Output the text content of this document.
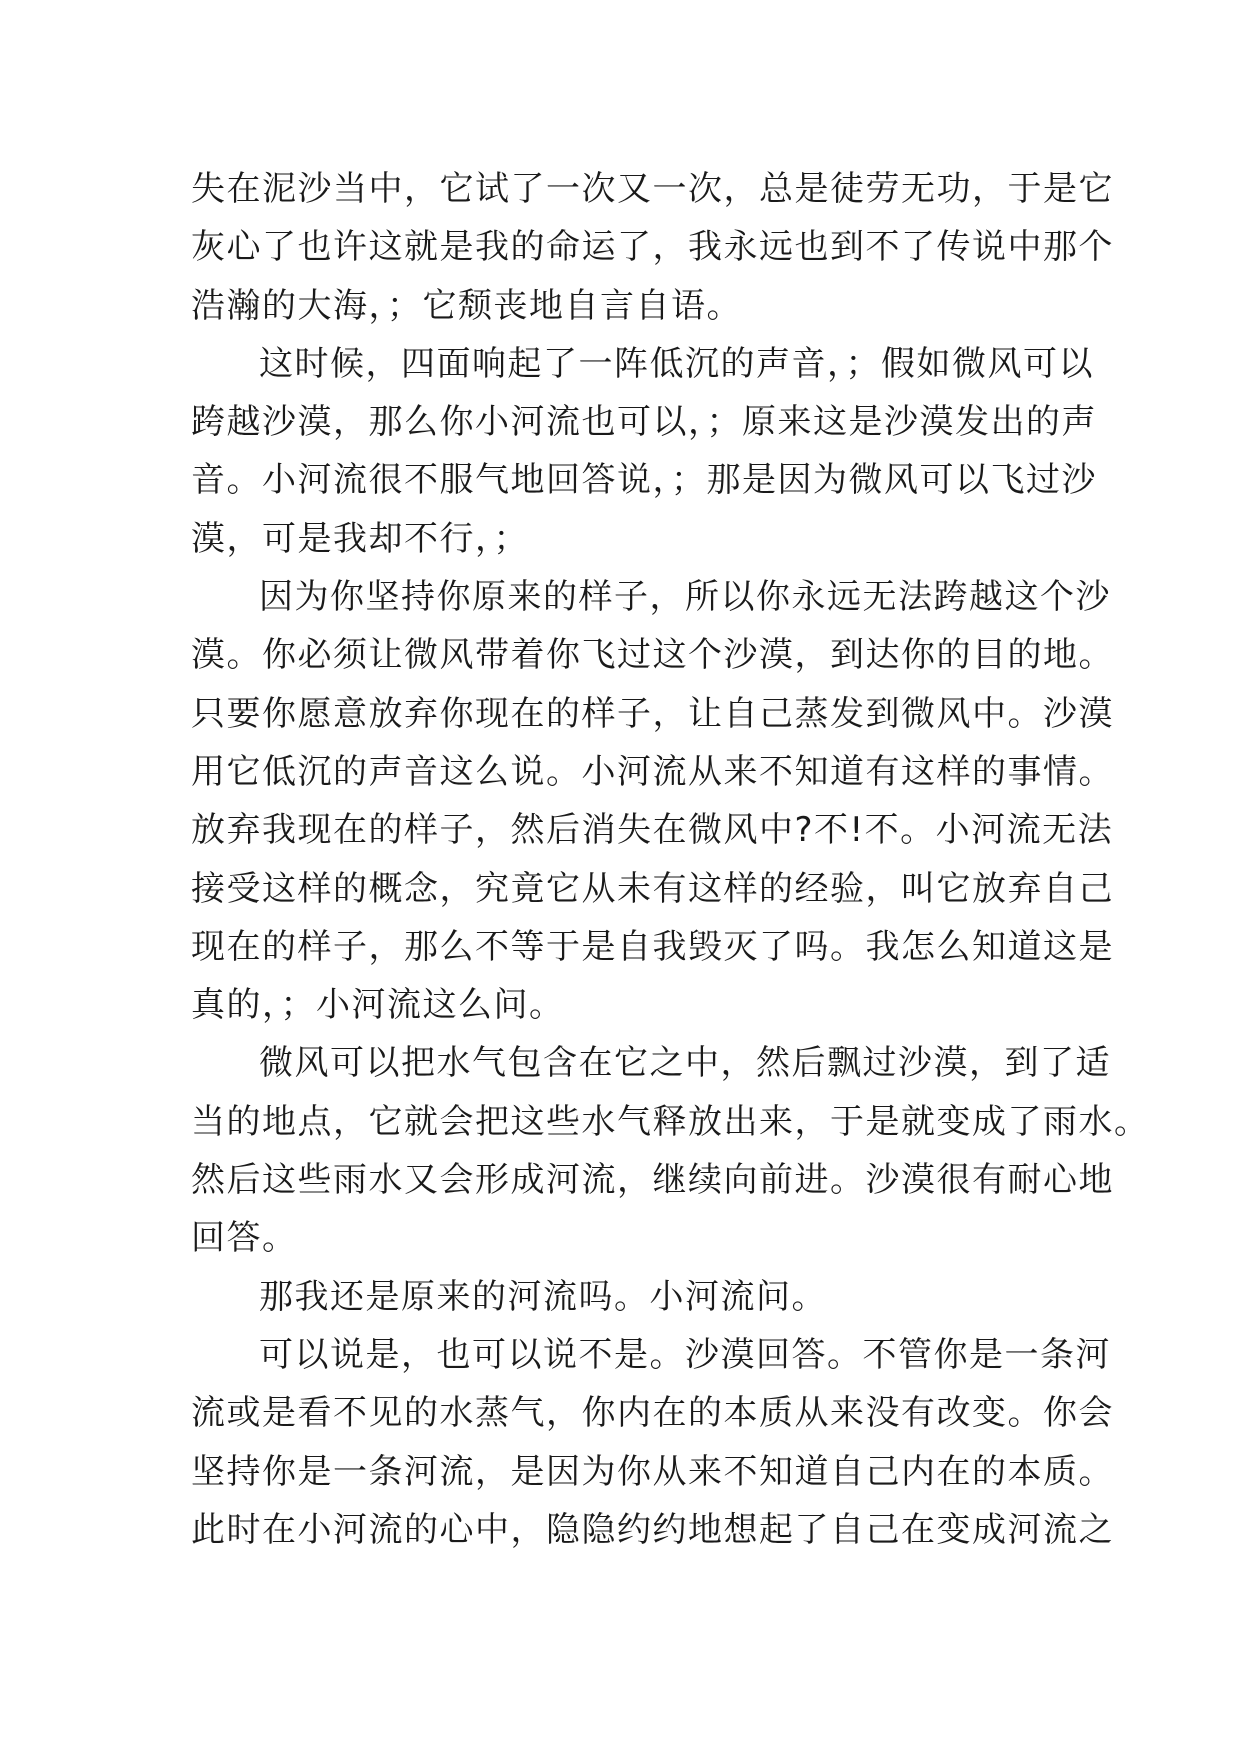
失在泥沙当中，它试了一次又一次，总是徒劳无功，于是它
灰心了也许这就是我的命运了，我永远也到不了传说中那个
浩瀚的大海，；它颓丧地自言自语。
这时候，四面响起了一阵低沉的声音，；假如微风可以
跨越沙漠，那么你小河流也可以，；原来这是沙漠发出的声
音。小河流很不服气地回答说，；那是因为微风可以飞过沙
漠，可是我却不行，；
因为你坚持你原来的样子，所以你永远无法跨越这个沙
漠。你必须让微风带着你飞过这个沙漠，到达你的目的地。
只要你愿意放弃你现在的样子，让自己蒸发到微风中。沙漠
用它低沉的声音这么说。小河流从来不知道有这样的事情。
放弃我现在的样子，然后消失在微风中?不!不。小河流无法
接受这样的概念，究竟它从未有这样的经验，叫它放弃自己
现在的样子，那么不等于是自我毁灭了吗。我怎么知道这是
真的，；小河流这么问。
微风可以把水气包含在它之中，然后飘过沙漠，到了适
当的地点，它就会把这些水气释放出来，于是就变成了雨水。
然后这些雨水又会形成河流，继续向前进。沙漠很有耐心地
回答。
那我还是原来的河流吗。小河流问。
可以说是，也可以说不是。沙漠回答。不管你是一条河
流或是看不见的水蒸气，你内在的本质从来没有改变。你会
坚持你是一条河流，是因为你从来不知道自己内在的本质。
此时在小河流的心中，隐隐约约地想起了自己在变成河流之
